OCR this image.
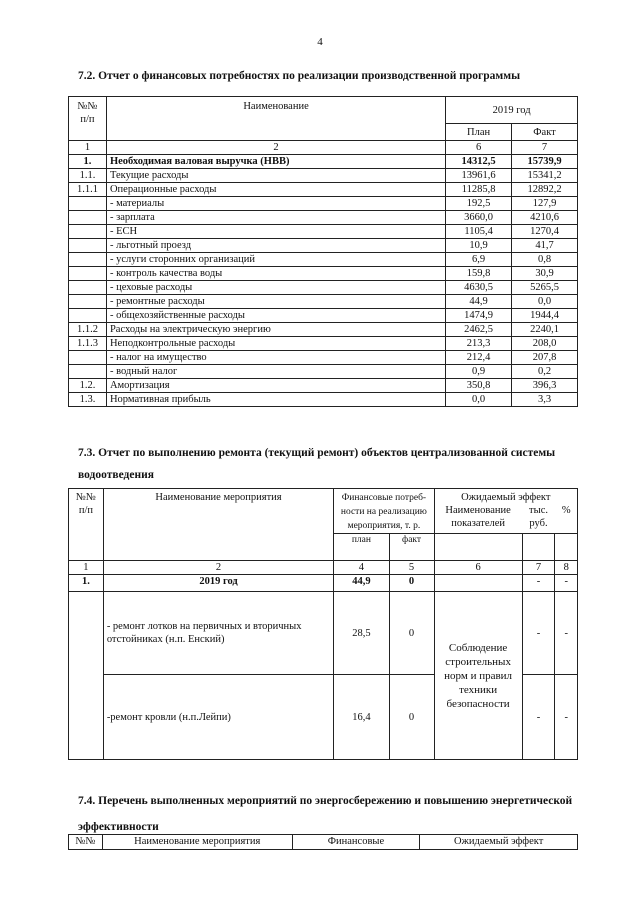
4
7.2. Отчет о финансовых потребностях по реализации производственной программы
№№ п/п	Наименование	2019 год	
		План	Факт
1	2	6	7
1.	Необходимая валовая выручка (НВВ)	14312,5	15739,9
1.1.	Текущие расходы	13961,6	15341,2
1.1.1	Операционные расходы	11285,8	12892,2
	- материалы	192,5	127,9
	- зарплата	3660,0	4210,6
	- ЕСН	1105,4	1270,4
	- льготный проезд	10,9	41,7
	- услуги сторонних организаций	6,9	0,8
	- контроль качества воды	159,8	30,9
	- цеховые расходы	4630,5	5265,5
	- ремонтные расходы	44,9	0,0
	- общехозяйственные расходы	1474,9	1944,4
1.1.2	Расходы на электрическую энергию	2462,5	2240,1
1.1.3	Неподконтрольные расходы	213,3	208,0
	- налог на имущество	212,4	207,8
	- водный налог	0,9	0,2
1.2.	Амортизация	350,8	396,3
1.3.	Нормативная прибыль	0,0	3,3
7.3. Отчет по выполнению ремонта (текущий ремонт) объектов централизованной системы
водоотведения
№№ п/п	Наименование мероприятия	Финансовые потреб-ности на реализацию мероприятия, т. р.		Ожидаемый эффект		
		план	факт	Наименование показателей	тыс. руб.	%
1	2	4	5	6	7	8
1.	2019 год	44,9	0		-	-
	- ремонт лотков на первичных и вторичных отстойниках (н.п. Енский)	28,5	0	Соблюдение строительных норм и правил техники безопасности	-	-
	-ремонт кровли (н.п.Лейпи)	16,4	0		-	-
7.4. Перечень выполненных мероприятий по энергосбережению и повышению энергетической
эффективности
№№	Наименование мероприятия	Финансовые	Ожидаемый эффект
